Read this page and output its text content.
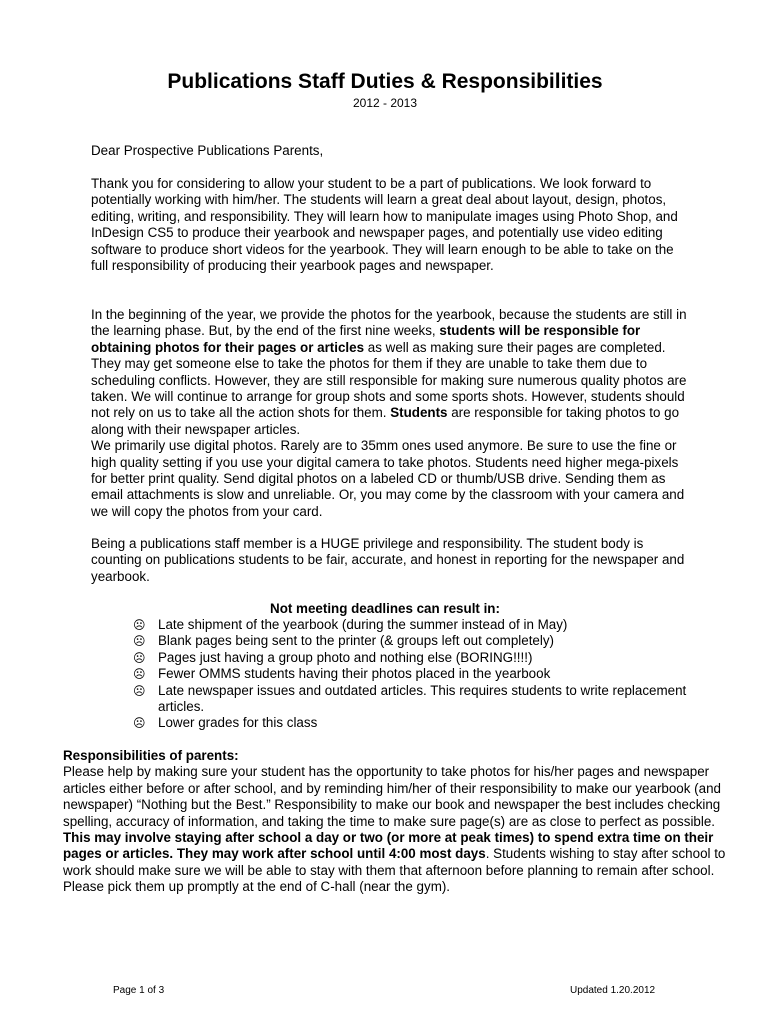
Publications Staff Duties & Responsibilities
2012 - 2013
Dear Prospective Publications Parents,
Thank you for considering to allow your student to be a part of publications. We look forward to potentially working with him/her. The students will learn a great deal about layout, design, photos, editing, writing, and responsibility. They will learn how to manipulate images using Photo Shop, and InDesign CS5 to produce their yearbook and newspaper pages, and potentially use video editing software to produce short videos for the yearbook. They will learn enough to be able to take on the full responsibility of producing their yearbook pages and newspaper.
In the beginning of the year, we provide the photos for the yearbook, because the students are still in the learning phase. But, by the end of the first nine weeks, students will be responsible for obtaining photos for their pages or articles as well as making sure their pages are completed. They may get someone else to take the photos for them if they are unable to take them due to scheduling conflicts. However, they are still responsible for making sure numerous quality photos are taken. We will continue to arrange for group shots and some sports shots. However, students should not rely on us to take all the action shots for them. Students are responsible for taking photos to go along with their newspaper articles.
We primarily use digital photos. Rarely are to 35mm ones used anymore. Be sure to use the fine or high quality setting if you use your digital camera to take photos. Students need higher mega-pixels for better print quality. Send digital photos on a labeled CD or thumb/USB drive. Sending them as email attachments is slow and unreliable. Or, you may come by the classroom with your camera and we will copy the photos from your card.
Being a publications staff member is a HUGE privilege and responsibility. The student body is counting on publications students to be fair, accurate, and honest in reporting for the newspaper and yearbook.
Not meeting deadlines can result in:
☹ Late shipment of the yearbook (during the summer instead of in May)
☹ Blank pages being sent to the printer (& groups left out completely)
☹ Pages just having a group photo and nothing else (BORING!!!!)
☹ Fewer OMMS students having their photos placed in the yearbook
☹ Late newspaper issues and outdated articles. This requires students to write replacement articles.
☹ Lower grades for this class
Responsibilities of parents:
Please help by making sure your student has the opportunity to take photos for his/her pages and newspaper articles either before or after school, and by reminding him/her of their responsibility to make our yearbook (and newspaper) “Nothing but the Best.” Responsibility to make our book and newspaper the best includes checking spelling, accuracy of information, and taking the time to make sure page(s) are as close to perfect as possible. This may involve staying after school a day or two (or more at peak times) to spend extra time on their pages or articles. They may work after school until 4:00 most days. Students wishing to stay after school to work should make sure we will be able to stay with them that afternoon before planning to remain after school. Please pick them up promptly at the end of C-hall (near the gym).
Page 1 of 3	Updated 1.20.2012
